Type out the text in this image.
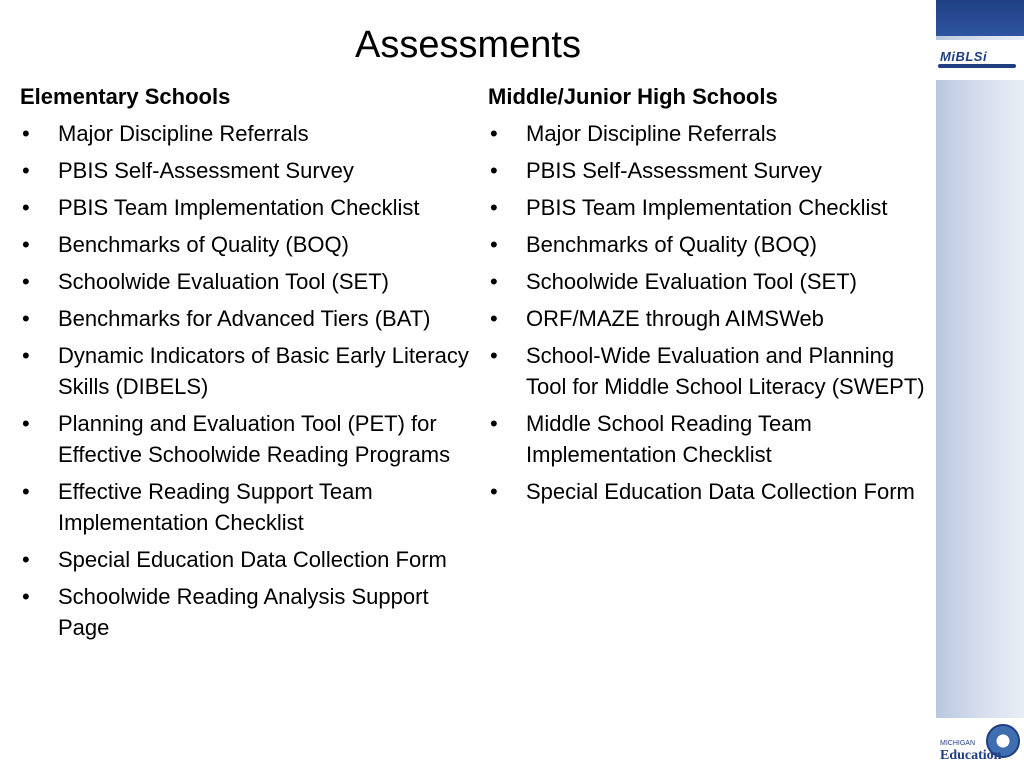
MiBLSi
Assessments
Elementary Schools
• Major Discipline Referrals
• PBIS Self-Assessment Survey
• PBIS Team Implementation Checklist
• Benchmarks of Quality (BOQ)
• Schoolwide Evaluation Tool (SET)
• Benchmarks for Advanced Tiers (BAT)
• Dynamic Indicators of Basic Early Literacy Skills (DIBELS)
• Planning and Evaluation Tool (PET) for Effective Schoolwide Reading Programs
• Effective Reading Support Team Implementation Checklist
• Special Education Data Collection Form
• Schoolwide Reading Analysis Support Page
Middle/Junior High Schools
• Major Discipline Referrals
• PBIS Self-Assessment Survey
• PBIS Team Implementation Checklist
• Benchmarks of Quality (BOQ)
• Schoolwide Evaluation Tool (SET)
• ORF/MAZE through AIMSWeb
• School-Wide Evaluation and Planning Tool for Middle School Literacy (SWEPT)
• Middle School Reading Team Implementation Checklist
• Special Education Data Collection Form
MICHIGAN
Education
